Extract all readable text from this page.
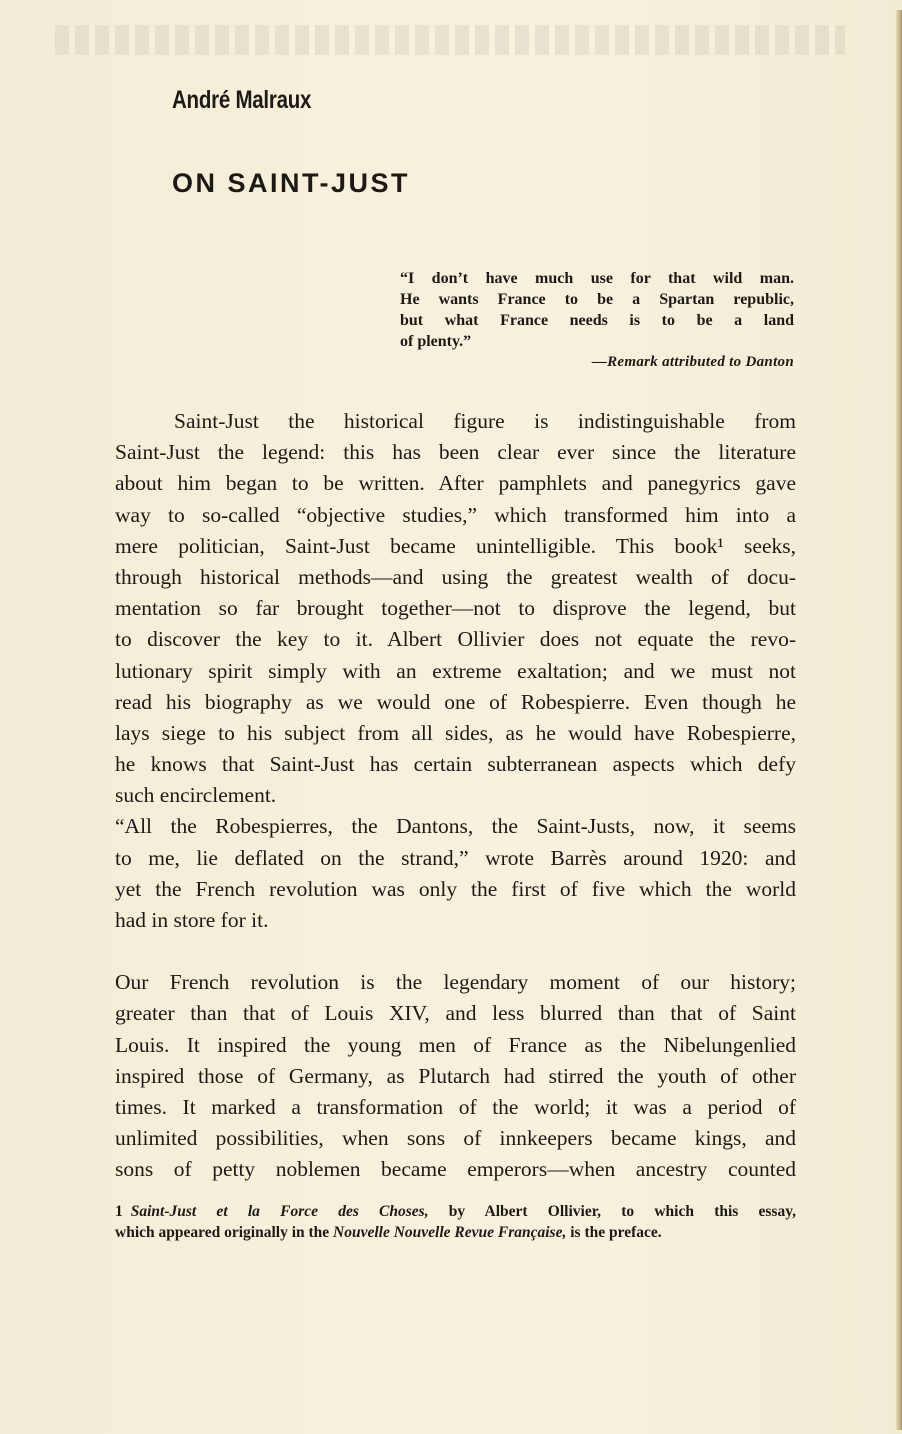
André Malraux
ON SAINT-JUST
“I don’t have much use for that wild man.
He wants France to be a Spartan republic,
but what France needs is to be a land
of plenty.”
—Remark attributed to Danton
Saint-Just the historical figure is indistinguishable from
Saint-Just the legend: this has been clear ever since the literature
about him began to be written. After pamphlets and panegyrics gave
way to so-called “objective studies,” which transformed him into a
mere politician, Saint-Just became unintelligible. This book¹ seeks,
through historical methods—and using the greatest wealth of docu-
mentation so far brought together—not to disprove the legend, but
to discover the key to it. Albert Ollivier does not equate the revo-
lutionary spirit simply with an extreme exaltation; and we must not
read his biography as we would one of Robespierre. Even though he
lays siege to his subject from all sides, as he would have Robespierre,
he knows that Saint-Just has certain subterranean aspects which defy
such encirclement.
“All the Robespierres, the Dantons, the Saint-Justs, now, it seems
to me, lie deflated on the strand,” wrote Barrès around 1920: and
yet the French revolution was only the first of five which the world
had in store for it.
Our French revolution is the legendary moment of our history;
greater than that of Louis XIV, and less blurred than that of Saint
Louis. It inspired the young men of France as the Nibelungenlied
inspired those of Germany, as Plutarch had stirred the youth of other
times. It marked a transformation of the world; it was a period of
unlimited possibilities, when sons of innkeepers became kings, and
sons of petty noblemen became emperors—when ancestry counted
1 Saint-Just et la Force des Choses, by Albert Ollivier, to which this essay,
which appeared originally in the Nouvelle Nouvelle Revue Française, is the preface.
